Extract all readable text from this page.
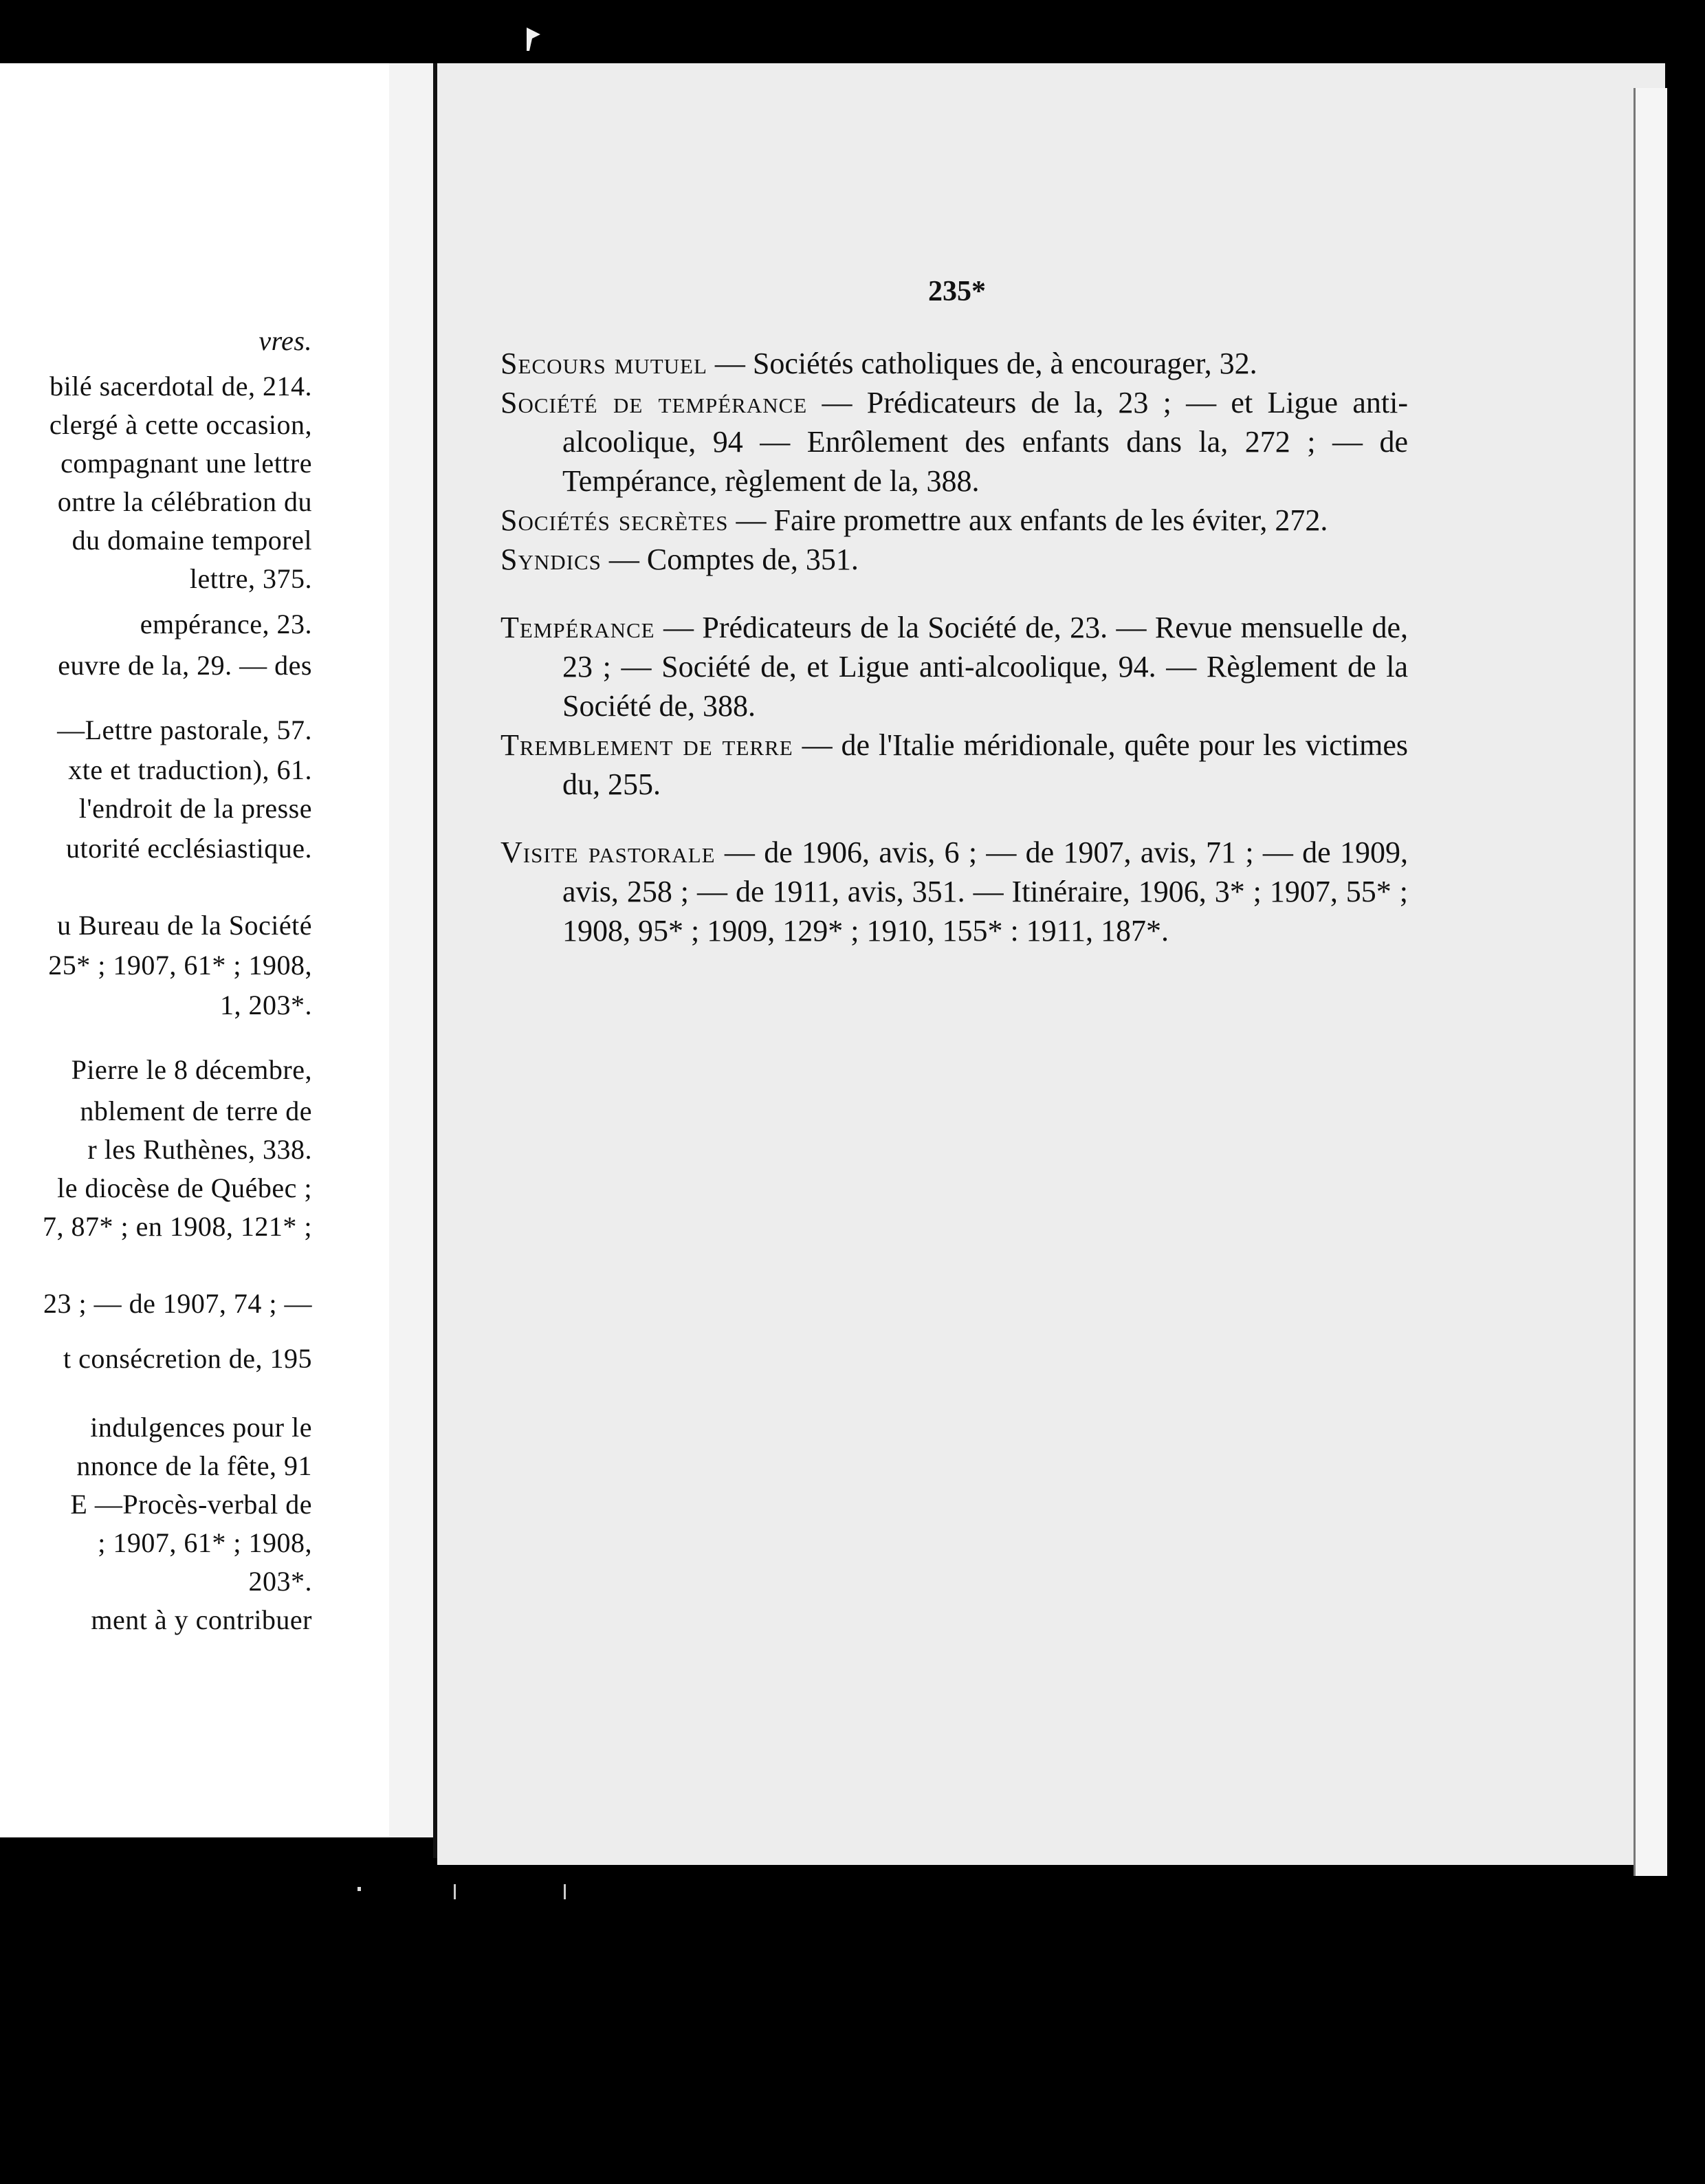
vres.
bilé sacerdotal de, 214.
clergé à cette occasion,
compagnant une lettre
ontre la célébration du
du domaine temporel
lettre, 375.
empérance, 23.
euvre de la, 29. — des
—Lettre pastorale, 57.
xte et traduction), 61.
l'endroit de la presse
utorité ecclésiastique.
u Bureau de la Société
25* ; 1907, 61* ; 1908,
1, 203*.
Pierre le 8 décembre,
nblement de terre de
r les Ruthènes, 338.
le diocèse de Québec ;
7, 87* ; en 1908, 121* ;
23 ; — de 1907, 74 ; —
t consécretion de, 195
indulgences pour le
nnonce de la fête, 91
E —Procès-verbal de
; 1907, 61* ; 1908,
203*.
ment à y contribuer
235*
Secours mutuel — Sociétés catholiques de, à encourager, 32.
Société de tempérance — Prédicateurs de la, 23 ; — et Ligue anti-alcoolique, 94 — Enrôlement des enfants dans la, 272 ; — de Tempérance, règlement de la, 388.
Sociétés secrètes — Faire promettre aux enfants de les éviter, 272.
Syndics — Comptes de, 351.
Tempérance — Prédicateurs de la Société de, 23. — Revue mensuelle de, 23 ; — Société de, et Ligue anti-alcoolique, 94. — Règlement de la Société de, 388.
Tremblement de terre — de l'Italie méridionale, quête pour les victimes du, 255.
Visite pastorale — de 1906, avis, 6 ; — de 1907, avis, 71 ; — de 1909, avis, 258 ; — de 1911, avis, 351. — Itinéraire, 1906, 3* ; 1907, 55* ; 1908, 95* ; 1909, 129* ; 1910, 155* : 1911, 187*.
